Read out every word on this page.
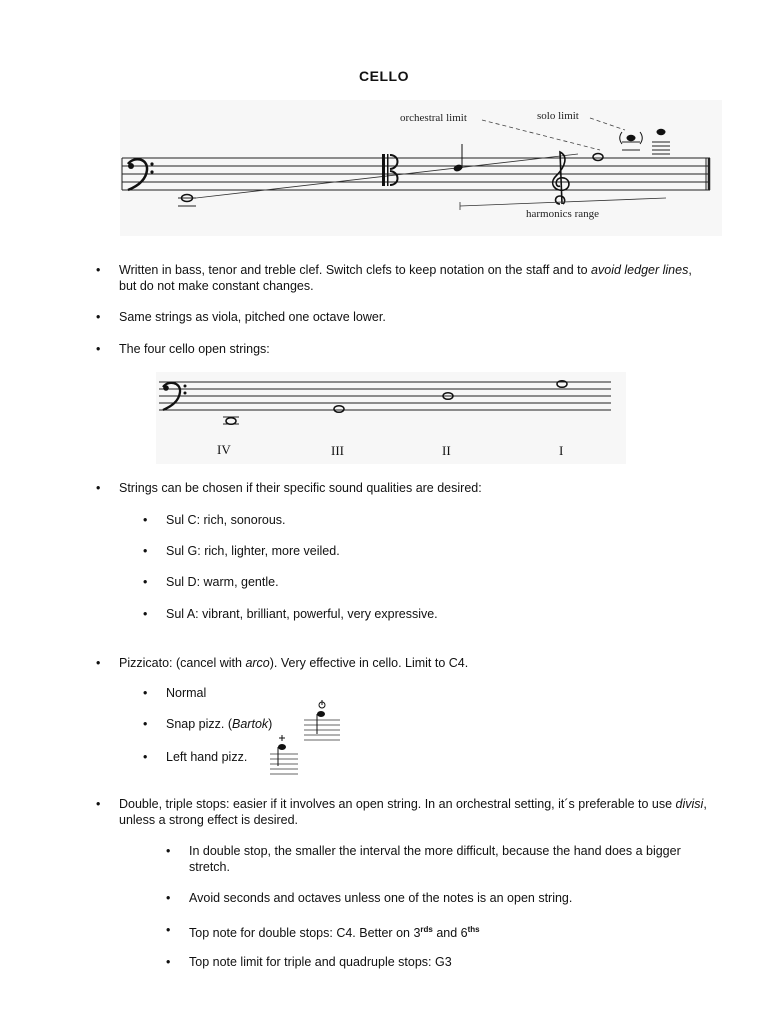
CELLO
orchestral limit	solo limit
harmonics range
• Written in bass, tenor and treble clef. Switch clefs to keep notation on the staff and to avoid ledger lines, but do not make constant changes.
• Same strings as viola, pitched one octave lower.
• The four cello open strings:
IV	III	II	I
• Strings can be chosen if their specific sound qualities are desired:
• Sul C: rich, sonorous.
• Sul G: rich, lighter, more veiled.
• Sul D: warm, gentle.
• Sul A: vibrant, brilliant, powerful, very expressive.
• Pizzicato: (cancel with arco). Very effective in cello. Limit to C4.
• Normal
• Snap pizz. (Bartok)
• Left hand pizz.
• Double, triple stops: easier if it involves an open string. In an orchestral setting, it´s preferable to use divisi, unless a strong effect is desired.
• In double stop, the smaller the interval the more difficult, because the hand does a bigger stretch.
• Avoid seconds and octaves unless one of the notes is an open string.
• Top note for double stops: C4. Better on $3^{rds}$ and $6^{ths}$
• Top note limit for triple and quadruple stops: G3
